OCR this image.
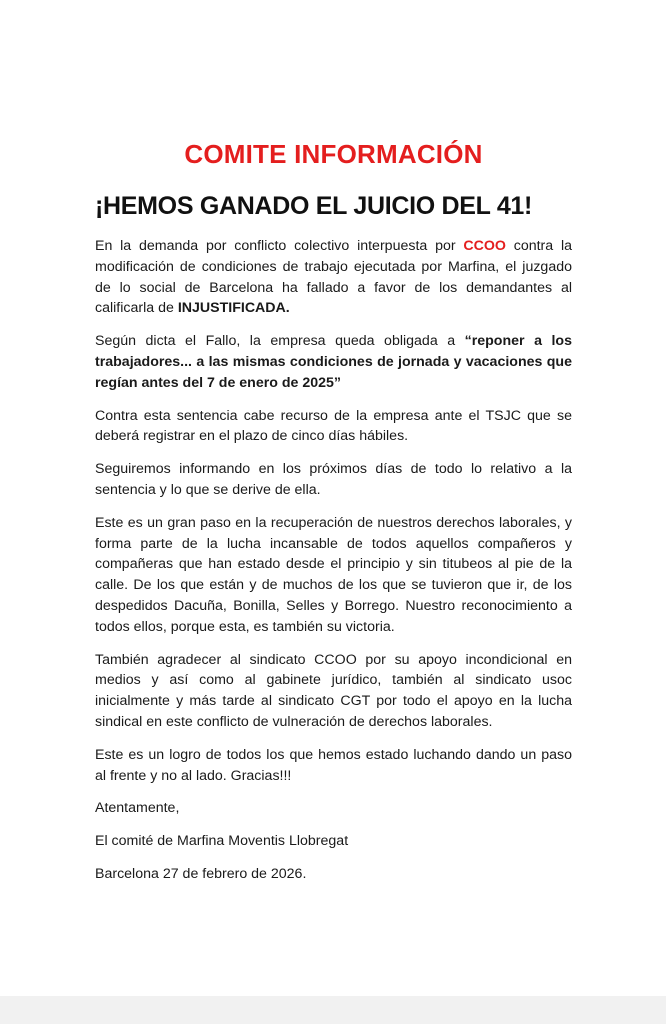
COMITE INFORMACIÓN
¡HEMOS GANADO EL JUICIO DEL 41!

En la demanda por conflicto colectivo interpuesta por CCOO contra la modificación de condiciones de trabajo ejecutada por Marfina, el juzgado de lo social de Barcelona ha fallado a favor de los demandantes al calificarla de INJUSTIFICADA.

Según dicta el Fallo, la empresa queda obligada a “reponer a los trabajadores... a las mismas condiciones de jornada y vacaciones que regían antes del 7 de enero de 2025”

Contra esta sentencia cabe recurso de la empresa ante el TSJC que se deberá registrar en el plazo de cinco días hábiles.

Seguiremos informando en los próximos días de todo lo relativo a la sentencia y lo que se derive de ella.

Este es un gran paso en la recuperación de nuestros derechos laborales, y forma parte de la lucha incansable de todos aquellos compañeros y compañeras que han estado desde el principio y sin titubeos al pie de la calle. De los que están y de muchos de los que se tuvieron que ir, de los despedidos Dacuña, Bonilla, Selles y Borrego. Nuestro reconocimiento a todos ellos, porque esta, es también su victoria.

También agradecer al sindicato CCOO por su apoyo incondicional en medios y así como al gabinete jurídico, también al sindicato usoc inicialmente y más tarde al sindicato CGT por todo el apoyo en la lucha sindical en este conflicto de vulneración de derechos laborales.

Este es un logro de todos los que hemos estado luchando dando un paso al frente y no al lado. Gracias!!!

Atentamente,

El comité de Marfina Moventis Llobregat

Barcelona 27 de febrero de 2026.
